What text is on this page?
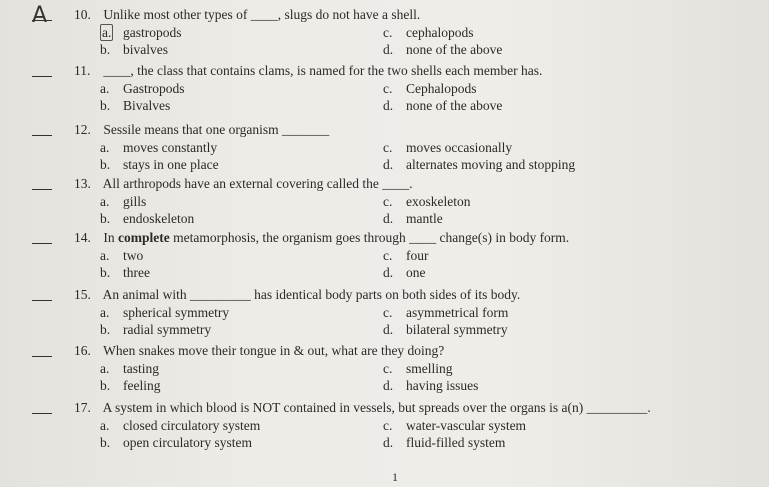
A 10. Unlike most other types of ____, slugs do not have a shell.
a. gastropods	c. cephalopods
b. bivalves	d. none of the above
11. ____, the class that contains clams, is named for the two shells each member has.
a. Gastropods	c. Cephalopods
b. Bivalves	d. none of the above
12. Sessile means that one organism _______
a. moves constantly	c. moves occasionally
b. stays in one place	d. alternates moving and stopping
13. All arthropods have an external covering called the ____.
a. gills	c. exoskeleton
b. endoskeleton	d. mantle
14. In complete metamorphosis, the organism goes through ____ change(s) in body form.
a. two	c. four
b. three	d. one
15. An animal with _________ has identical body parts on both sides of its body.
a. spherical symmetry	c. asymmetrical form
b. radial symmetry	d. bilateral symmetry
16. When snakes move their tongue in & out, what are they doing?
a. tasting	c. smelling
b. feeling	d. having issues
17. A system in which blood is NOT contained in vessels, but spreads over the organs is a(n) _________.
a. closed circulatory system	c. water-vascular system
b. open circulatory system	d. fluid-filled system
1
